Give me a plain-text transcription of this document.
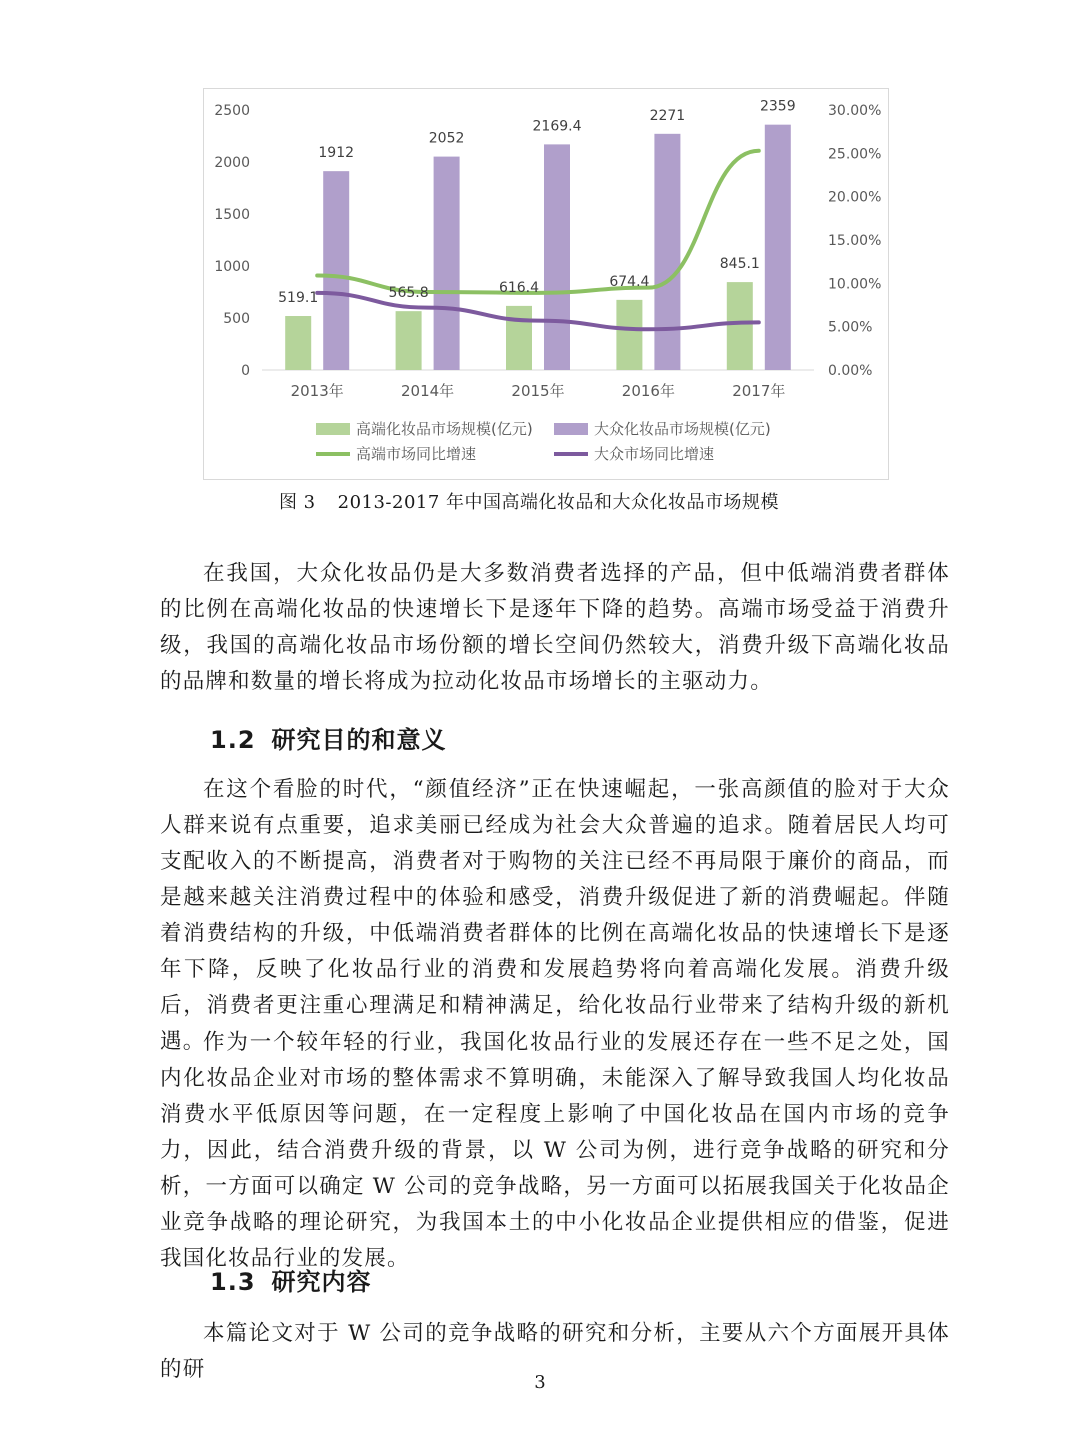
0
500
1000
1500
2000
2500
0.00%
5.00%
10.00%
15.00%
20.00%
25.00%
30.00%
2013年	2014年	2015年	2016年	2017年
519.1	565.8	616.4	674.4
845.1
1912
2052
2169.4
2271
2359
高端化妆品市场规模(亿元)	大众化妆品市场规模(亿元)
高端市场同比增速	大众市场同比增速
图 3 2013-2017 年中国高端化妆品和大众化妆品市场规模

在我国，大众化妆品仍是大多数消费者选择的产品，但中低端消费者群体的比例在高端化妆品的快速增长下是逐年下降的趋势。高端市场受益于消费升级，我国的高端化妆品市场份额的增长空间仍然较大，消费升级下高端化妆品的品牌和数量的增长将成为拉动化妆品市场增长的主驱动力。

1.2 研究目的和意义

在这个看脸的时代，“颜值经济”正在快速崛起，一张高颜值的脸对于大众人群来说有点重要，追求美丽已经成为社会大众普遍的追求。随着居民人均可支配收入的不断提高，消费者对于购物的关注已经不再局限于廉价的商品，而是越来越关注消费过程中的体验和感受，消费升级促进了新的消费崛起。伴随着消费结构的升级，中低端消费者群体的比例在高端化妆品的快速增长下是逐年下降，反映了化妆品行业的消费和发展趋势将向着高端化发展。消费升级后，消费者更注重心理满足和精神满足，给化妆品行业带来了结构升级的新机遇。

作为一个较年轻的行业，我国化妆品行业的发展还存在一些不足之处，国内化妆品企业对市场的整体需求不算明确，未能深入了解导致我国人均化妆品消费水平低原因等问题，在一定程度上影响了中国化妆品在国内市场的竞争力，因此，结合消费升级的背景，以 W 公司为例，进行竞争战略的研究和分析，一方面可以确定 W 公司的竞争战略，另一方面可以拓展我国关于化妆品企业竞争战略的理论研究，为我国本土的中小化妆品企业提供相应的借鉴，促进我国化妆品行业的发展。

1.3 研究内容

本篇论文对于 W 公司的竞争战略的研究和分析，主要从六个方面展开具体的研

3
